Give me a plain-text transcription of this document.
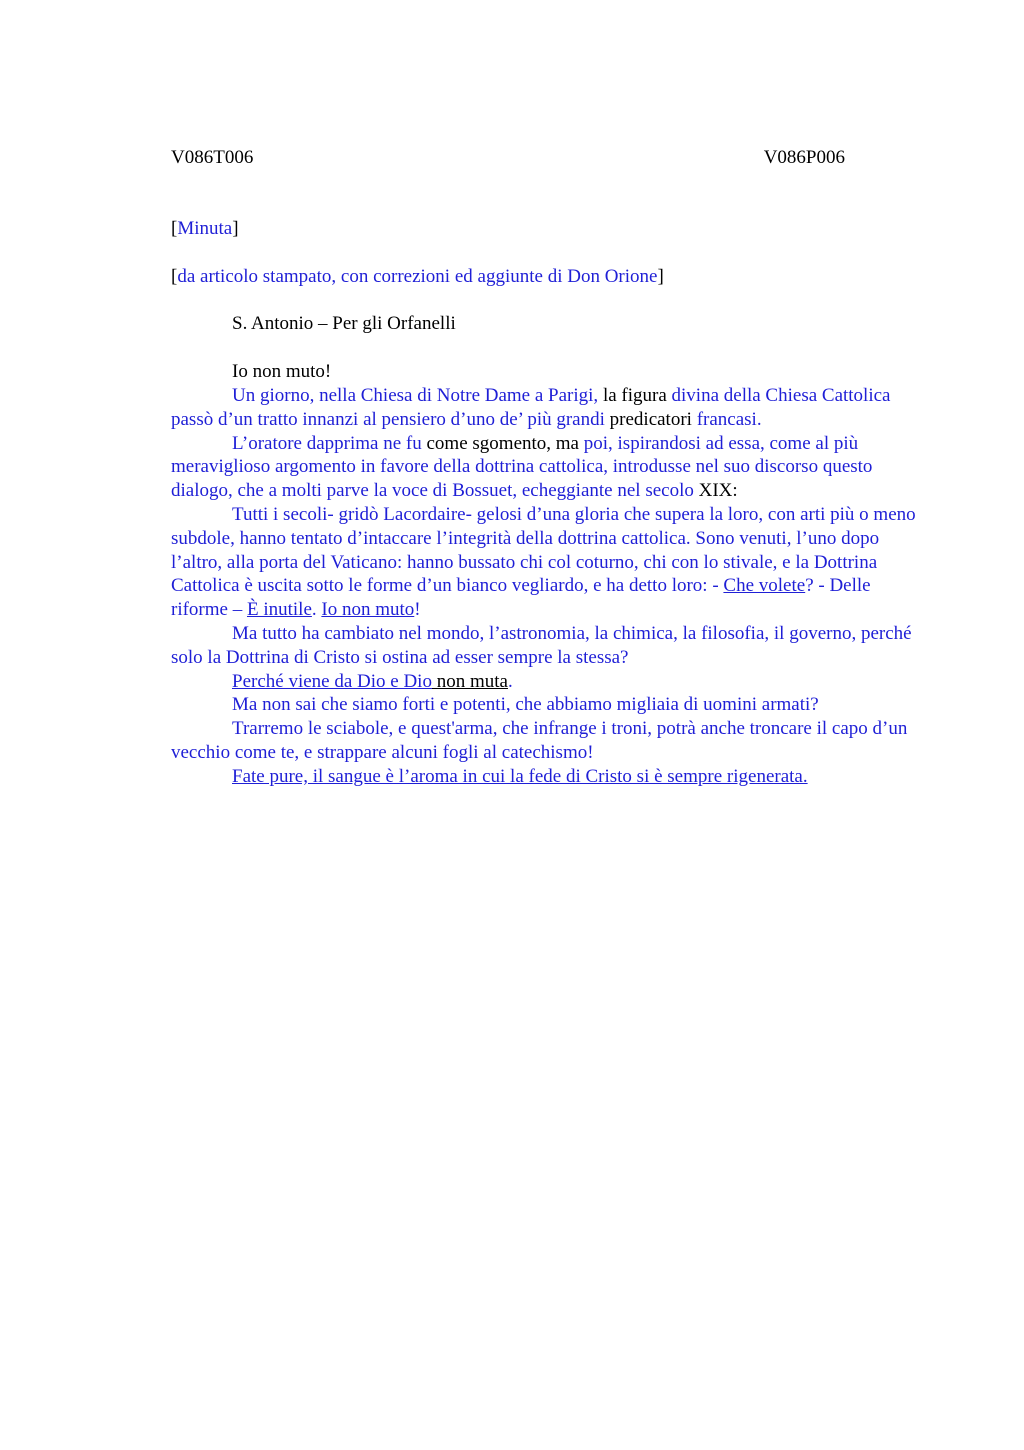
V086T006	V086P006
[Minuta]
[da articolo stampato, con correzioni ed aggiunte di Don Orione]
S. Antonio – Per gli Orfanelli
Io non muto!

Un giorno, nella Chiesa di Notre Dame a Parigi, la figura divina della Chiesa Cattolica passò d’un tratto innanzi al pensiero d’uno de’ più grandi predicatori francasi.

L’oratore dapprima ne fu come sgomento, ma poi, ispirandosi ad essa, come al più meraviglioso argomento in favore della dottrina cattolica, introdusse nel suo discorso questo dialogo, che a molti parve la voce di Bossuet, echeggiante nel secolo XIX:

Tutti i secoli- gridò Lacordaire- gelosi d’una gloria che supera la loro, con arti più o meno subdole, hanno tentato d’intaccare l’integrità della dottrina cattolica. Sono venuti, l’uno dopo l’altro, alla porta del Vaticano: hanno bussato chi col coturno, chi con lo stivale, e la Dottrina Cattolica è uscita sotto le forme d’un bianco vegliardo, e ha detto loro: - Che volete? - Delle riforme – È inutile. Io non muto!

Ma tutto ha cambiato nel mondo, l’astronomia, la chimica, la filosofia, il governo, perché solo la Dottrina di Cristo si ostina ad esser sempre la stessa?

Perché viene da Dio e Dio non muta.

Ma non sai che siamo forti e potenti, che abbiamo migliaia di uomini armati?

Trarremo le sciabole, e quest'arma, che infrange i troni, potrà anche troncare il capo d’un vecchio come te, e strappare alcuni fogli al catechismo!

Fate pure, il sangue è l’aroma in cui la fede di Cristo si è sempre rigenerata.
